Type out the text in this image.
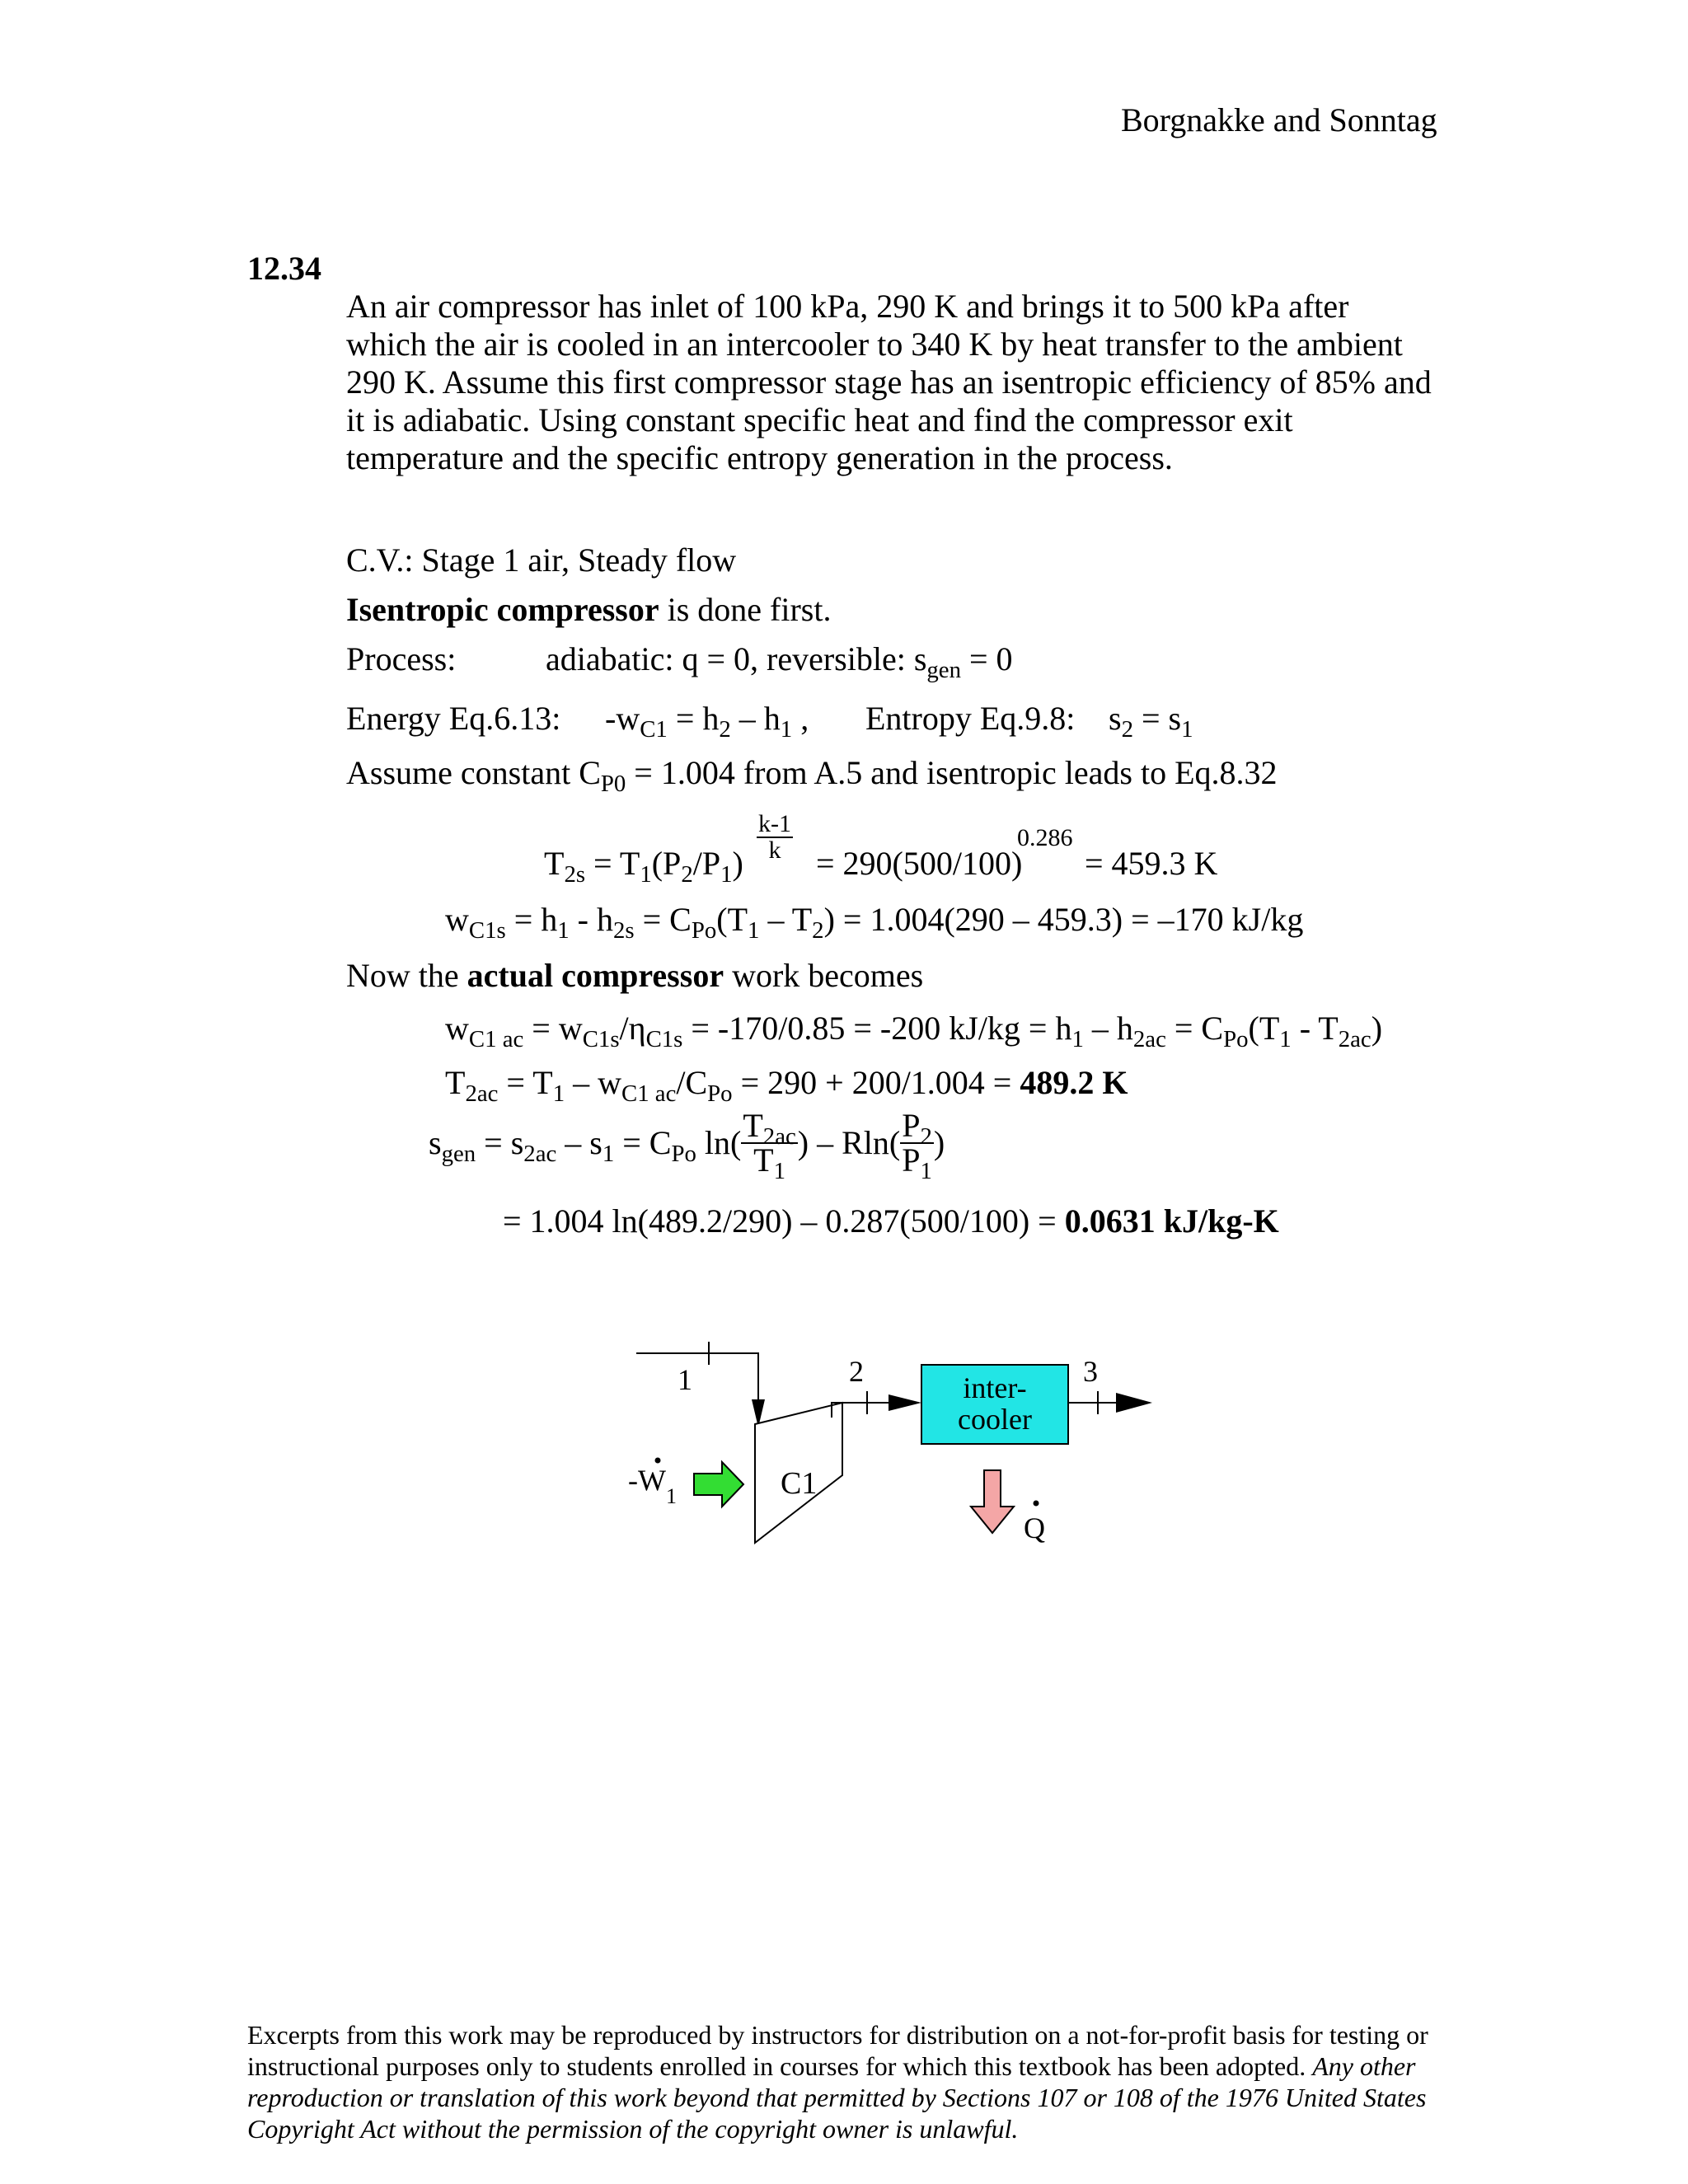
Borgnakke and Sonntag
12.34
An air compressor has inlet of 100 kPa, 290 K and brings it to 500 kPa after
which the air is cooled in an intercooler to 340 K by heat transfer to the ambient
290 K. Assume this first compressor stage has an isentropic efficiency of 85% and
it is adiabatic. Using constant specific heat and find the compressor exit
temperature and the specific entropy generation in the process.
C.V.: Stage 1 air, Steady flow
Isentropic compressor is done first.
Process:	adiabatic: q = 0, reversible: $s_{gen} = 0$
Energy Eq.6.13: $-w_{C1} = h_2 - h_1$ , Entropy Eq.9.8: $s_2 = s_1$
Assume constant $C_{P0} = 1.004$ from A.5 and isentropic leads to Eq.8.32
$\frac{k-1}{k}$
$T_{2s} = T_1(P_2/P_1) = 290(500/100)$
0.286
= 459.3 K
$w_{C1s} = h_1 - h_{2s} = C_{Po}(T_1 - T_2) = 1.004(290 - 459.3) = -170$ kJ/kg
Now the actual compressor work becomes
$w_{C1 ac} = w_{C1s}/\eta_{C1s} = -170/0.85 = -200$ $kJ/kg = h_1 - h_{2ac} = C_{Po}(T_1 - T_{2ac})$
$T_{2ac} = T_1 - w_{C1 ac}/C_{Po} = 290 + 200/1.004 = 489.2$ K
$s_{gen} = s_{2ac} - s_1 = C_{Po}$ $\ln( \frac{T_{2ac}}{T_1}$ ) – $Rln( \frac{P_2}{P_1}$ )
= 1.004 ln(489.2/290) – 0.287(500/100) = 0.0631 kJ/kg-K
1
C1
-W 1
2	inter-
cooler
3
Q
Excerpts from this work may be reproduced by instructors for distribution on a not-for-profit basis for testing or instructional purposes only to students enrolled in courses for which this textbook has been adopted. Any other reproduction or translation of this work beyond that permitted by Sections 107 or 108 of the 1976 United States Copyright Act without the permission of the copyright owner is unlawful.
